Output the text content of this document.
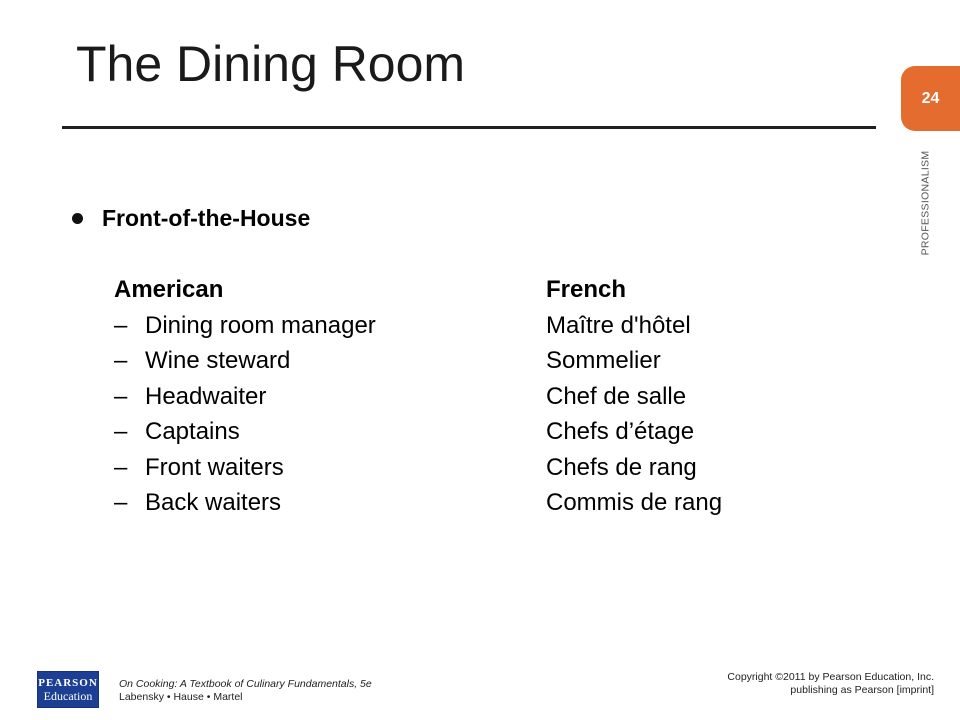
The Dining Room
24
PROFESSIONALISM
Front-of-the-House
American	French
– Dining room manager	Maître d'hôtel
– Wine steward	Sommelier
– Headwaiter	Chef de salle
– Captains	Chefs d’étage
– Front waiters	Chefs de rang
– Back waiters	Commis de rang
PEARSON
Education
On Cooking: A Textbook of Culinary Fundamentals, 5e
Labensky • Hause • Martel
Copyright ©2011 by Pearson Education, Inc.
publishing as Pearson [imprint]
